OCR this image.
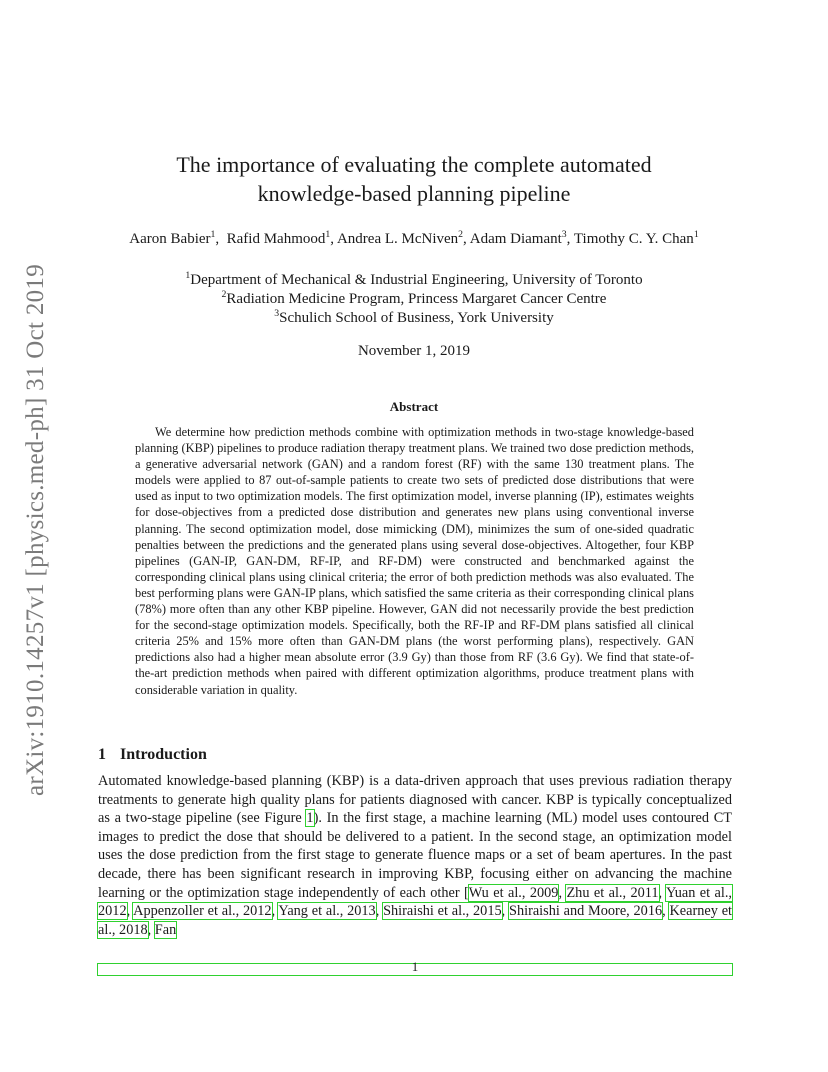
arXiv:1910.14257v1 [physics.med-ph] 31 Oct 2019
The importance of evaluating the complete automated
knowledge-based planning pipeline
Aaron Babier$^1$,  Rafid Mahmood$^1$, Andrea L. McNiven$^2$, Adam Diamant$^3$, Timothy C. Y. Chan$^1$
$^1$Department of Mechanical & Industrial Engineering, University of Toronto
$^2$Radiation Medicine Program, Princess Margaret Cancer Centre
$^3$Schulich School of Business, York University
November 1, 2019
Abstract

We determine how prediction methods combine with optimization methods in two-stage knowledge-based planning (KBP) pipelines to produce radiation therapy treatment plans. We trained two dose prediction methods, a generative adversarial network (GAN) and a random forest (RF) with the same 130 treatment plans. The models were applied to 87 out-of-sample patients to create two sets of predicted dose distributions that were used as input to two optimization models. The first optimization model, inverse planning (IP), estimates weights for dose-objectives from a predicted dose distribution and generates new plans using conventional inverse planning. The second optimization model, dose mimicking (DM), minimizes the sum of one-sided quadratic penalties between the predictions and the generated plans using several dose-objectives. Altogether, four KBP pipelines (GAN-IP, GAN-DM, RF-IP, and RF-DM) were constructed and benchmarked against the corresponding clinical plans using clinical criteria; the error of both prediction methods was also evaluated. The best performing plans were GAN-IP plans, which satisfied the same criteria as their corresponding clinical plans (78%) more often than any other KBP pipeline. However, GAN did not necessarily provide the best prediction for the second-stage optimization models. Specifically, both the RF-IP and RF-DM plans satisfied all clinical criteria 25% and 15% more often than GAN-DM plans (the worst performing plans), respectively. GAN predictions also had a higher mean absolute error (3.9 Gy) than those from RF (3.6 Gy). We find that state-of-the-art prediction methods when paired with different optimization algorithms, produce treatment plans with considerable variation in quality.

1 Introduction

Automated knowledge-based planning (KBP) is a data-driven approach that uses previous radiation therapy treatments to generate high quality plans for patients diagnosed with cancer. KBP is typically conceptualized as a two-stage pipeline (see Figure 1). In the first stage, a machine learning (ML) model uses contoured CT images to predict the dose that should be delivered to a patient. In the second stage, an optimization model uses the dose prediction from the first stage to generate fluence maps or a set of beam apertures. In the past decade, there has been significant research in improving KBP, focusing either on advancing the machine learning or the optimization stage independently of each other [Wu et al., 2009, Zhu et al., 2011, Yuan et al., 2012, Appenzoller et al., 2012, Yang et al., 2013, Shiraishi et al., 2015, Shiraishi and Moore, 2016, Kearney et al., 2018, Fan

1
